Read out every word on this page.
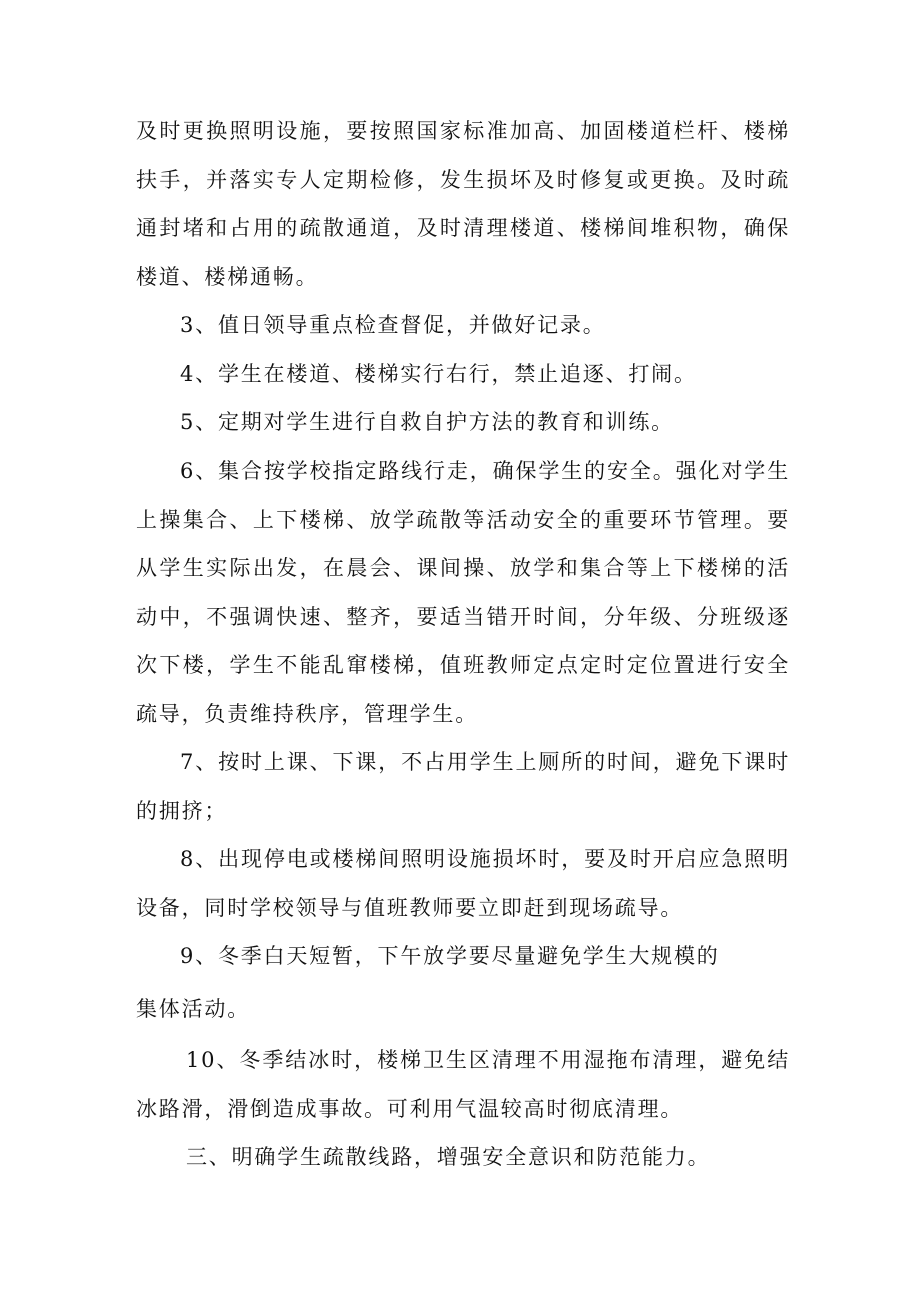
及时更换照明设施，要按照国家标准加高、加固楼道栏杆、楼梯扶手，并落实专人定期检修，发生损坏及时修复或更换。及时疏通封堵和占用的疏散通道，及时清理楼道、楼梯间堆积物，确保楼道、楼梯通畅。

3、值日领导重点检查督促，并做好记录。

4、学生在楼道、楼梯实行右行，禁止追逐、打闹。

5、定期对学生进行自救自护方法的教育和训练。

6、集合按学校指定路线行走，确保学生的安全。强化对学生上操集合、上下楼梯、放学疏散等活动安全的重要环节管理。要从学生实际出发，在晨会、课间操、放学和集合等上下楼梯的活动中，不强调快速、整齐，要适当错开时间，分年级、分班级逐次下楼，学生不能乱窜楼梯，值班教师定点定时定位置进行安全疏导，负责维持秩序，管理学生。

7、按时上课、下课，不占用学生上厕所的时间，避免下课时的拥挤；

8、出现停电或楼梯间照明设施损坏时，要及时开启应急照明设备，同时学校领导与值班教师要立即赶到现场疏导。

9、冬季白天短暂，下午放学要尽量避免学生大规模的

集体活动。

10、冬季结冰时，楼梯卫生区清理不用湿拖布清理，避免结冰路滑，滑倒造成事故。可利用气温较高时彻底清理。

三、明确学生疏散线路，增强安全意识和防范能力。
